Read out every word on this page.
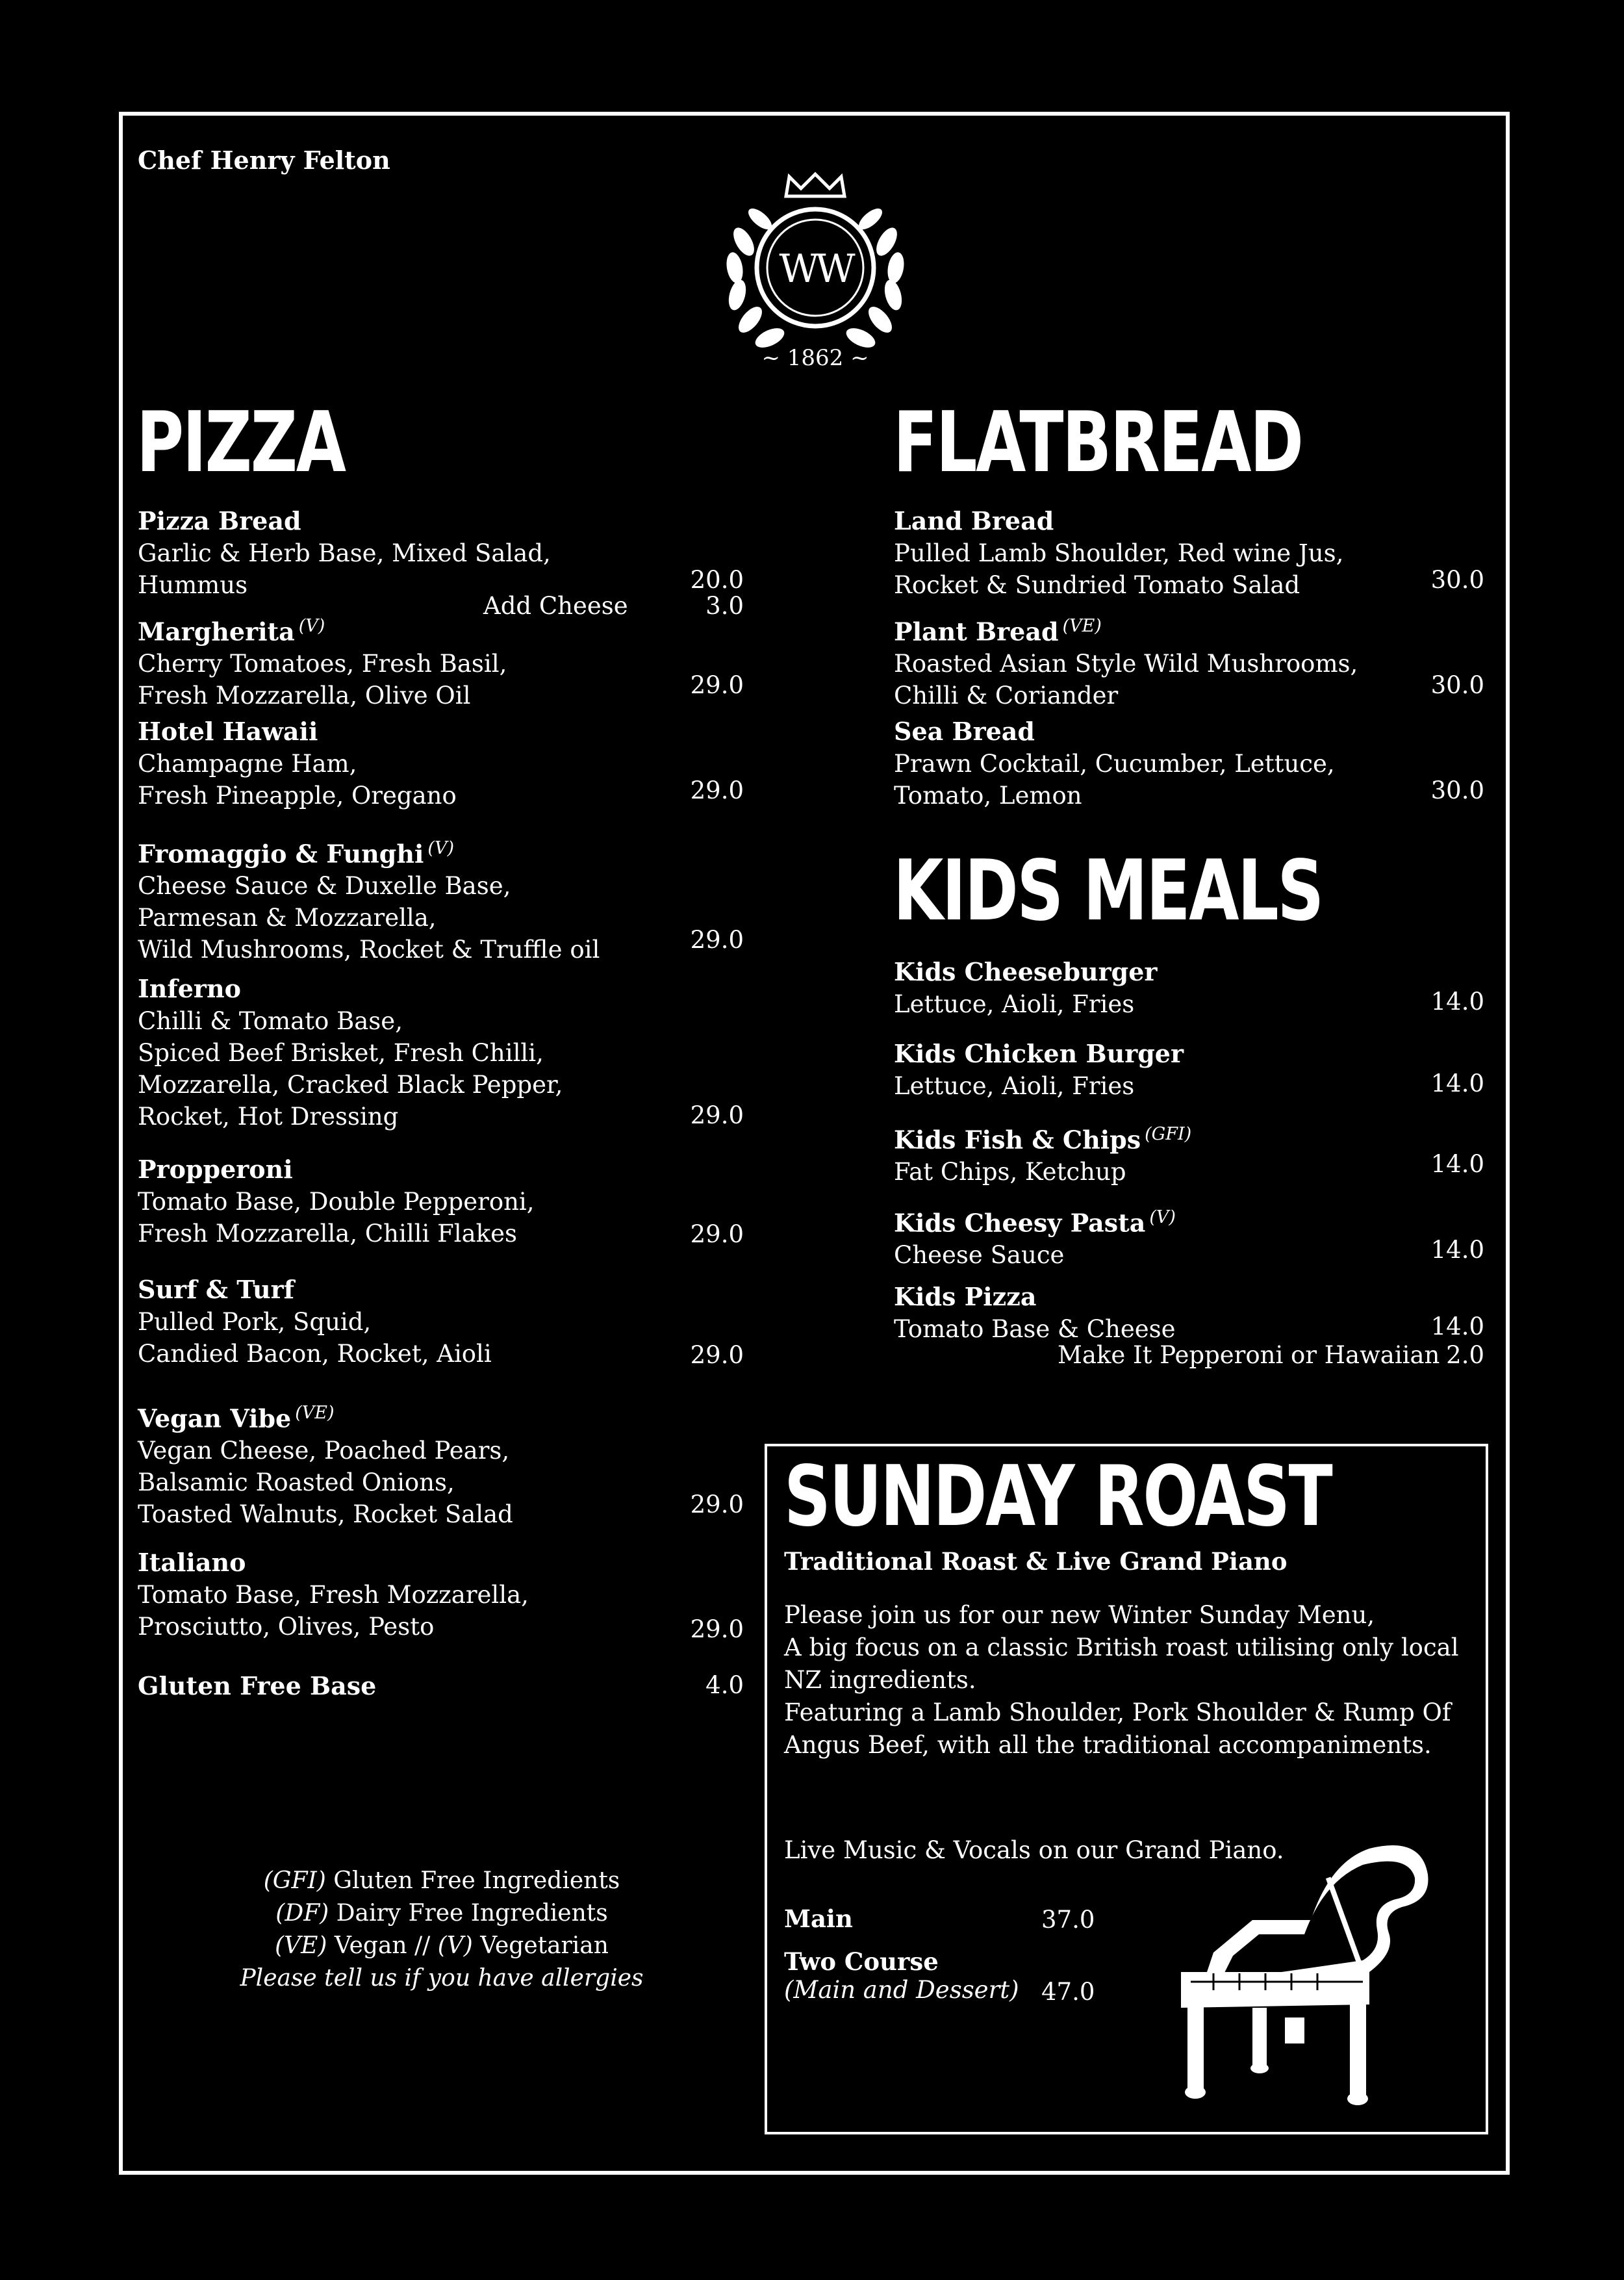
Chef Henry Felton
WW
~ 1862 ~
PIZZA
Pizza Bread
Garlic & Herb Base, Mixed Salad,
Hummus	20.0
Add Cheese	3.0
Margherita $^{(V)}$
Cherry Tomatoes, Fresh Basil,
Fresh Mozzarella, Olive Oil	29.0
Hotel Hawaii
Champagne Ham,
Fresh Pineapple, Oregano	29.0
Fromaggio & Funghi $^{(V)}$
Cheese Sauce & Duxelle Base,
Parmesan & Mozzarella,
Wild Mushrooms, Rocket & Truffle oil	29.0
Inferno
Chilli & Tomato Base,
Spiced Beef Brisket, Fresh Chilli,
Mozzarella, Cracked Black Pepper,
Rocket, Hot Dressing	29.0
Propperoni
Tomato Base, Double Pepperoni,
Fresh Mozzarella, Chilli Flakes	29.0
Surf & Turf
Pulled Pork, Squid,
Candied Bacon, Rocket, Aioli	29.0
Vegan Vibe $^{(VE)}$
Vegan Cheese, Poached Pears,
Balsamic Roasted Onions,
Toasted Walnuts, Rocket Salad	29.0
Italiano
Tomato Base, Fresh Mozzarella,
Prosciutto, Olives, Pesto	29.0
Gluten Free Base	4.0
FLATBREAD
Land Bread
Pulled Lamb Shoulder, Red wine Jus,
Rocket & Sundried Tomato Salad	30.0
Plant Bread $^{(VE)}$
Roasted Asian Style Wild Mushrooms,
Chilli & Coriander	30.0
Sea Bread
Prawn Cocktail, Cucumber, Lettuce,
Tomato, Lemon	30.0
KIDS MEALS
Kids Cheeseburger
Lettuce, Aioli, Fries	14.0
Kids Chicken Burger
Lettuce, Aioli, Fries	14.0
Kids Fish & Chips $^{(GFI)}$
Fat Chips, Ketchup	14.0
Kids Cheesy Pasta $^{(V)}$
Cheese Sauce	14.0
Kids Pizza
Tomato Base & Cheese	14.0
Make It Pepperoni or Hawaiian 2.0
(GFI) Gluten Free Ingredients
(DF) Dairy Free Ingredients
(VE) Vegan // (V) Vegetarian
Please tell us if you have allergies
SUNDAY ROAST
Traditional Roast & Live Grand Piano
Please join us for our new Winter Sunday Menu,
A big focus on a classic British roast utilising only local NZ ingredients.
Featuring a Lamb Shoulder, Pork Shoulder & Rump Of Angus Beef, with all the traditional accompaniments.
Live Music & Vocals on our Grand Piano.
Main	37.0
Two Course
(Main and Dessert) 47.0
